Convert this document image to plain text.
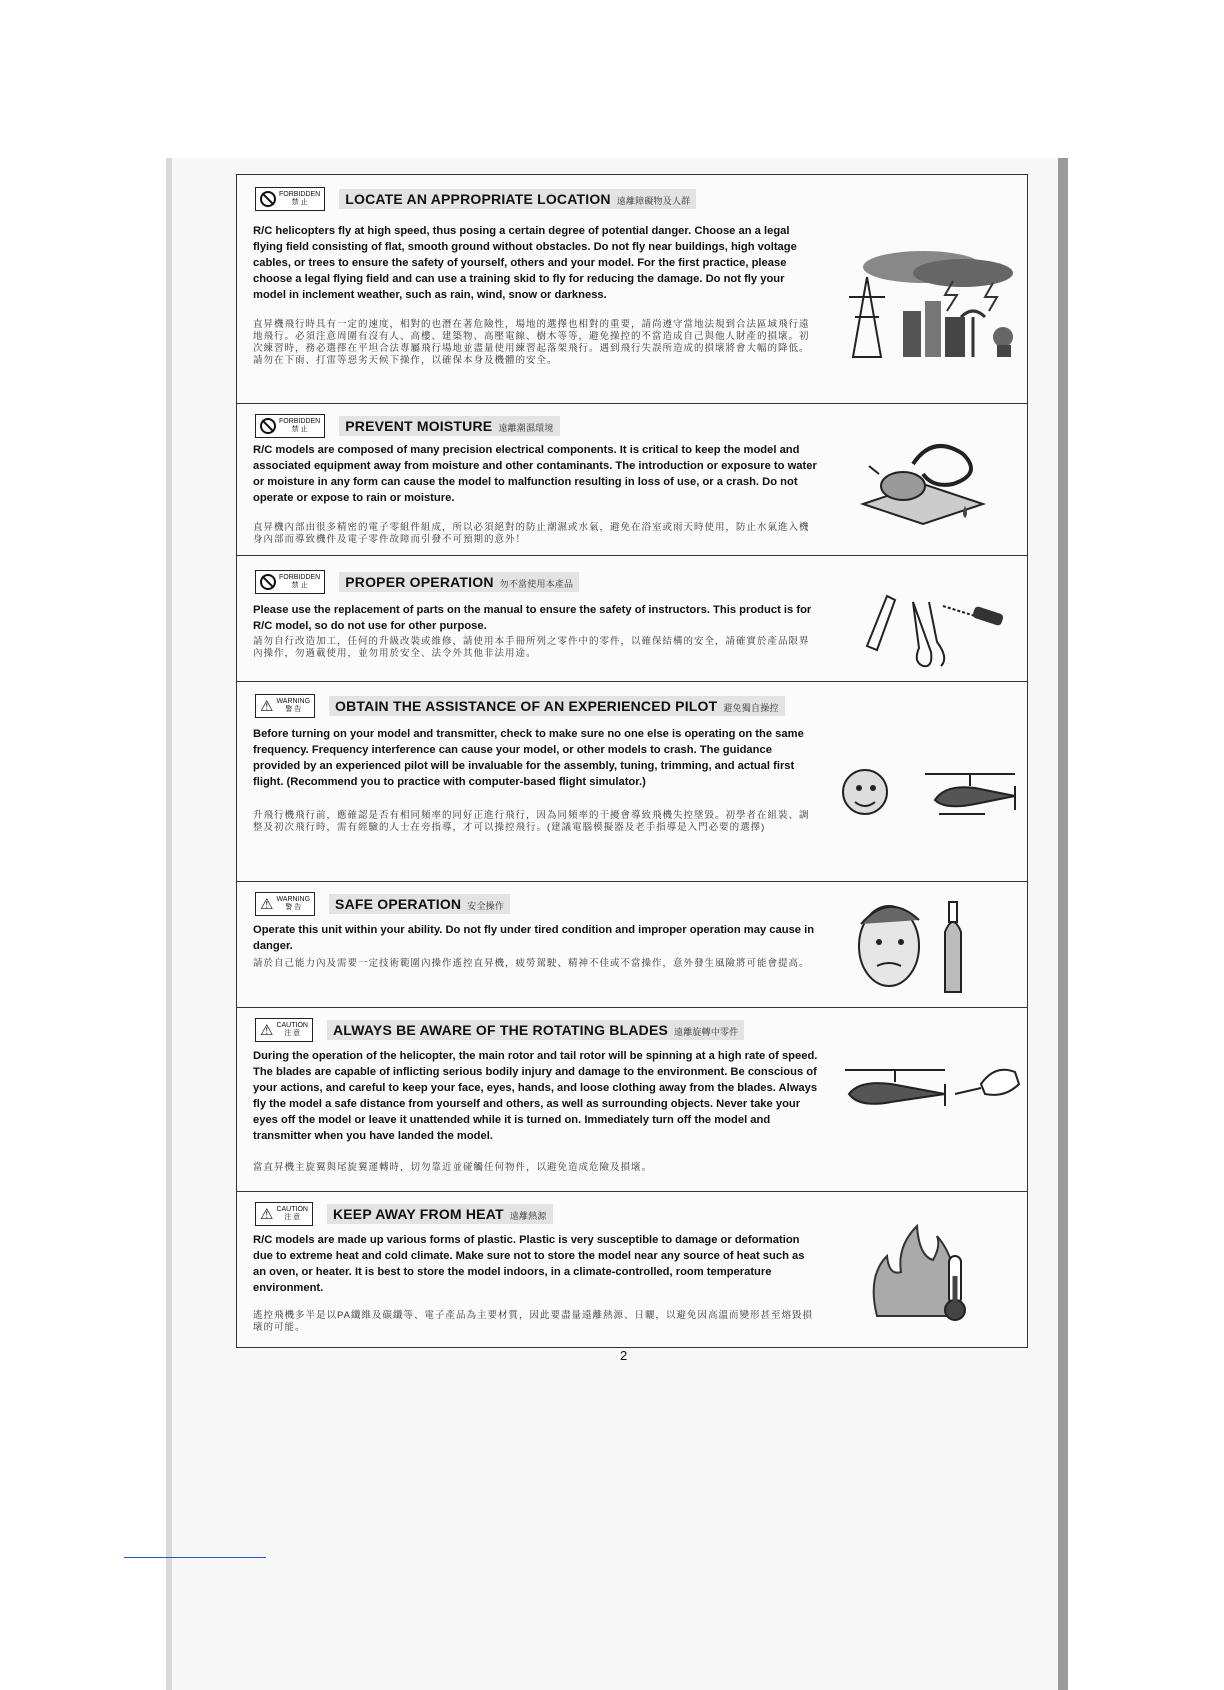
FORBIDDEN
禁 止	LOCATE AN APPROPRIATE LOCATION 遠離障礙物及人群
R/C helicopters fly at high speed, thus posing a certain degree of potential danger. Choose an a legal flying field consisting of flat, smooth ground without obstacles. Do not fly near buildings, high voltage cables, or trees to ensure the safety of yourself, others and your model. For the first practice, please choose a legal flying field and can use a training skid to fly for reducing the damage. Do not fly your model in inclement weather, such as rain, wind, snow or darkness.
直昇機飛行時具有一定的速度，相對的也潛在著危險性，場地的選擇也相對的重要，請尚遵守當地法規到合法區域飛行遠地飛行。必須注意周圍有沒有人、高樓、建築物、高壓電線、樹木等等，避免操控的不當造成自己與他人財產的損壞。初次練習時，務必選擇在平坦合法專屬飛行場地並盡量使用練習起落架飛行。遇到飛行失誤所造成的損壞將會大幅的降低。請勿在下雨、打雷等惡劣天候下操作，以確保本身及機體的安全。
FORBIDDEN
禁 止	PREVENT MOISTURE 遠離潮濕環境
R/C models are composed of many precision electrical components. It is critical to keep the model and associated equipment away from moisture and other contaminants. The introduction or exposure to water or moisture in any form can cause the model to malfunction resulting in loss of use, or a crash. Do not operate or expose to rain or moisture.
直昇機內部由很多精密的電子零組件組成，所以必須絕對的防止潮濕或水氣，避免在浴室或雨天時使用，防止水氣進入機身內部而導致機件及電子零件故障而引發不可預期的意外！
FORBIDDEN
禁 止	PROPER OPERATION 勿不當使用本產品
Please use the replacement of parts on the manual to ensure the safety of instructors. This product is for R/C model, so do not use for other purpose.
請勿自行改造加工，任何的升級改裝或維修，請使用本手冊所列之零件中的零件，以確保結構的安全，請確實於產品限界內操作，勿過載使用，並勿用於安全、法令外其他非法用途。
⚠ WARNING
警 告	OBTAIN THE ASSISTANCE OF AN EXPERIENCED PILOT 避免獨自操控
Before turning on your model and transmitter, check to make sure no one else is operating on the same frequency. Frequency interference can cause your model, or other models to crash. The guidance provided by an experienced pilot will be invaluable for the assembly, tuning, trimming, and actual first flight. (Recommend you to practice with computer-based flight simulator.)
升飛行機飛行前，應確認是否有相同頻率的同好正進行飛行，因為同頻率的干擾會導致飛機失控墜毀。初學者在組裝、調整及初次飛行時，需有經驗的人士在旁指導，才可以操控飛行。(建議電腦模擬器及老手指導是入門必要的選擇)
⚠ WARNING
警 告	SAFE OPERATION 安全操作
Operate this unit within your ability. Do not fly under tired condition and improper operation may cause in danger.
請於自己能力內及需要一定技術範圍內操作遙控直昇機，疲勞駕駛、精神不佳或不當操作，意外發生風險將可能會提高。
⚠ CAUTION
注 意	ALWAYS BE AWARE OF THE ROTATING BLADES 遠離旋轉中零件
During the operation of the helicopter, the main rotor and tail rotor will be spinning at a high rate of speed. The blades are capable of inflicting serious bodily injury and damage to the environment. Be conscious of your actions, and careful to keep your face, eyes, hands, and loose clothing away from the blades. Always fly the model a safe distance from yourself and others, as well as surrounding objects. Never take your eyes off the model or leave it unattended while it is turned on. Immediately turn off the model and transmitter when you have landed the model.
當直昇機主旋翼與尾旋翼運轉時，切勿靠近並碰觸任何物件，以避免造成危險及損壞。
⚠ CAUTION
注 意	KEEP AWAY FROM HEAT 遠離熱源
R/C models are made up various forms of plastic. Plastic is very susceptible to damage or deformation due to extreme heat and cold climate. Make sure not to store the model near any source of heat such as an oven, or heater. It is best to store the model indoors, in a climate-controlled, room temperature environment.
遙控飛機多半是以PA纖維及碳纖等、電子產品為主要材質，因此要盡量遠離熱源、日曬，以避免因高溫而變形甚至熔毀損壞的可能。
2
